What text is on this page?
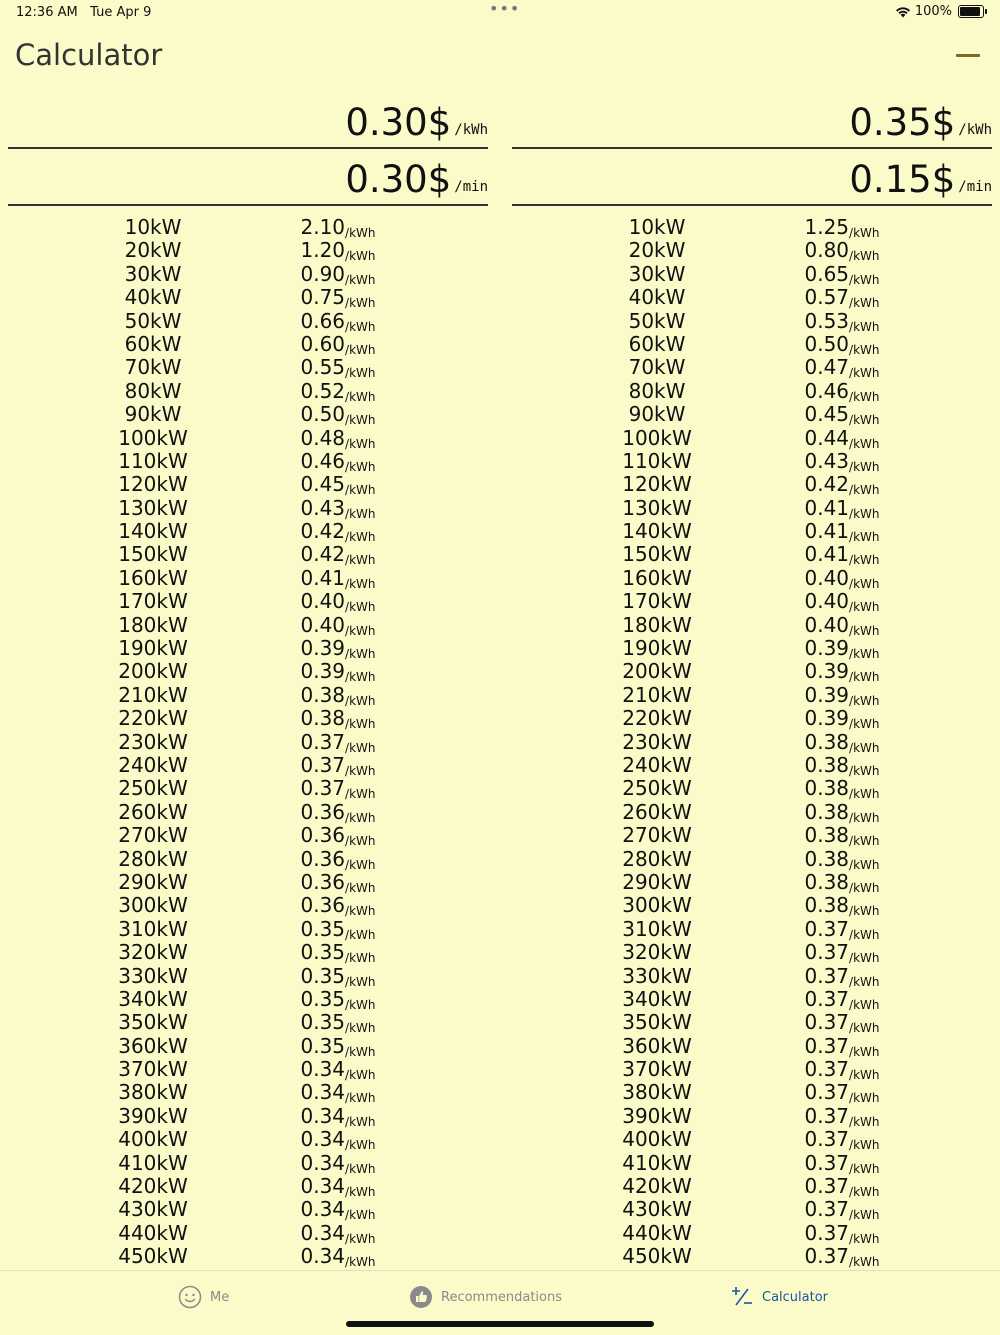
12:36 AM Tue Apr 9	•••	100%
Calculator
0.30$ /kWh
0.30$ /min
10kW	2.10/kWh
20kW	1.20/kWh
30kW	0.90/kWh
40kW	0.75/kWh
50kW	0.66/kWh
60kW	0.60/kWh
70kW	0.55/kWh
80kW	0.52/kWh
90kW	0.50/kWh
100kW	0.48/kWh
110kW	0.46/kWh
120kW	0.45/kWh
130kW	0.43/kWh
140kW	0.42/kWh
150kW	0.42/kWh
160kW	0.41/kWh
170kW	0.40/kWh
180kW	0.40/kWh
190kW	0.39/kWh
200kW	0.39/kWh
210kW	0.38/kWh
220kW	0.38/kWh
230kW	0.37/kWh
240kW	0.37/kWh
250kW	0.37/kWh
260kW	0.36/kWh
270kW	0.36/kWh
280kW	0.36/kWh
290kW	0.36/kWh
300kW	0.36/kWh
310kW	0.35/kWh
320kW	0.35/kWh
330kW	0.35/kWh
340kW	0.35/kWh
350kW	0.35/kWh
360kW	0.35/kWh
370kW	0.34/kWh
380kW	0.34/kWh
390kW	0.34/kWh
400kW	0.34/kWh
410kW	0.34/kWh
420kW	0.34/kWh
430kW	0.34/kWh
440kW	0.34/kWh
450kW	0.34/kWh
0.35$ /kWh
0.15$ /min
10kW	1.25/kWh
20kW	0.80/kWh
30kW	0.65/kWh
40kW	0.57/kWh
50kW	0.53/kWh
60kW	0.50/kWh
70kW	0.47/kWh
80kW	0.46/kWh
90kW	0.45/kWh
100kW	0.44/kWh
110kW	0.43/kWh
120kW	0.42/kWh
130kW	0.41/kWh
140kW	0.41/kWh
150kW	0.41/kWh
160kW	0.40/kWh
170kW	0.40/kWh
180kW	0.40/kWh
190kW	0.39/kWh
200kW	0.39/kWh
210kW	0.39/kWh
220kW	0.39/kWh
230kW	0.38/kWh
240kW	0.38/kWh
250kW	0.38/kWh
260kW	0.38/kWh
270kW	0.38/kWh
280kW	0.38/kWh
290kW	0.38/kWh
300kW	0.38/kWh
310kW	0.37/kWh
320kW	0.37/kWh
330kW	0.37/kWh
340kW	0.37/kWh
350kW	0.37/kWh
360kW	0.37/kWh
370kW	0.37/kWh
380kW	0.37/kWh
390kW	0.37/kWh
400kW	0.37/kWh
410kW	0.37/kWh
420kW	0.37/kWh
430kW	0.37/kWh
440kW	0.37/kWh
450kW	0.37/kWh
Me	Recommendations	Calculator
